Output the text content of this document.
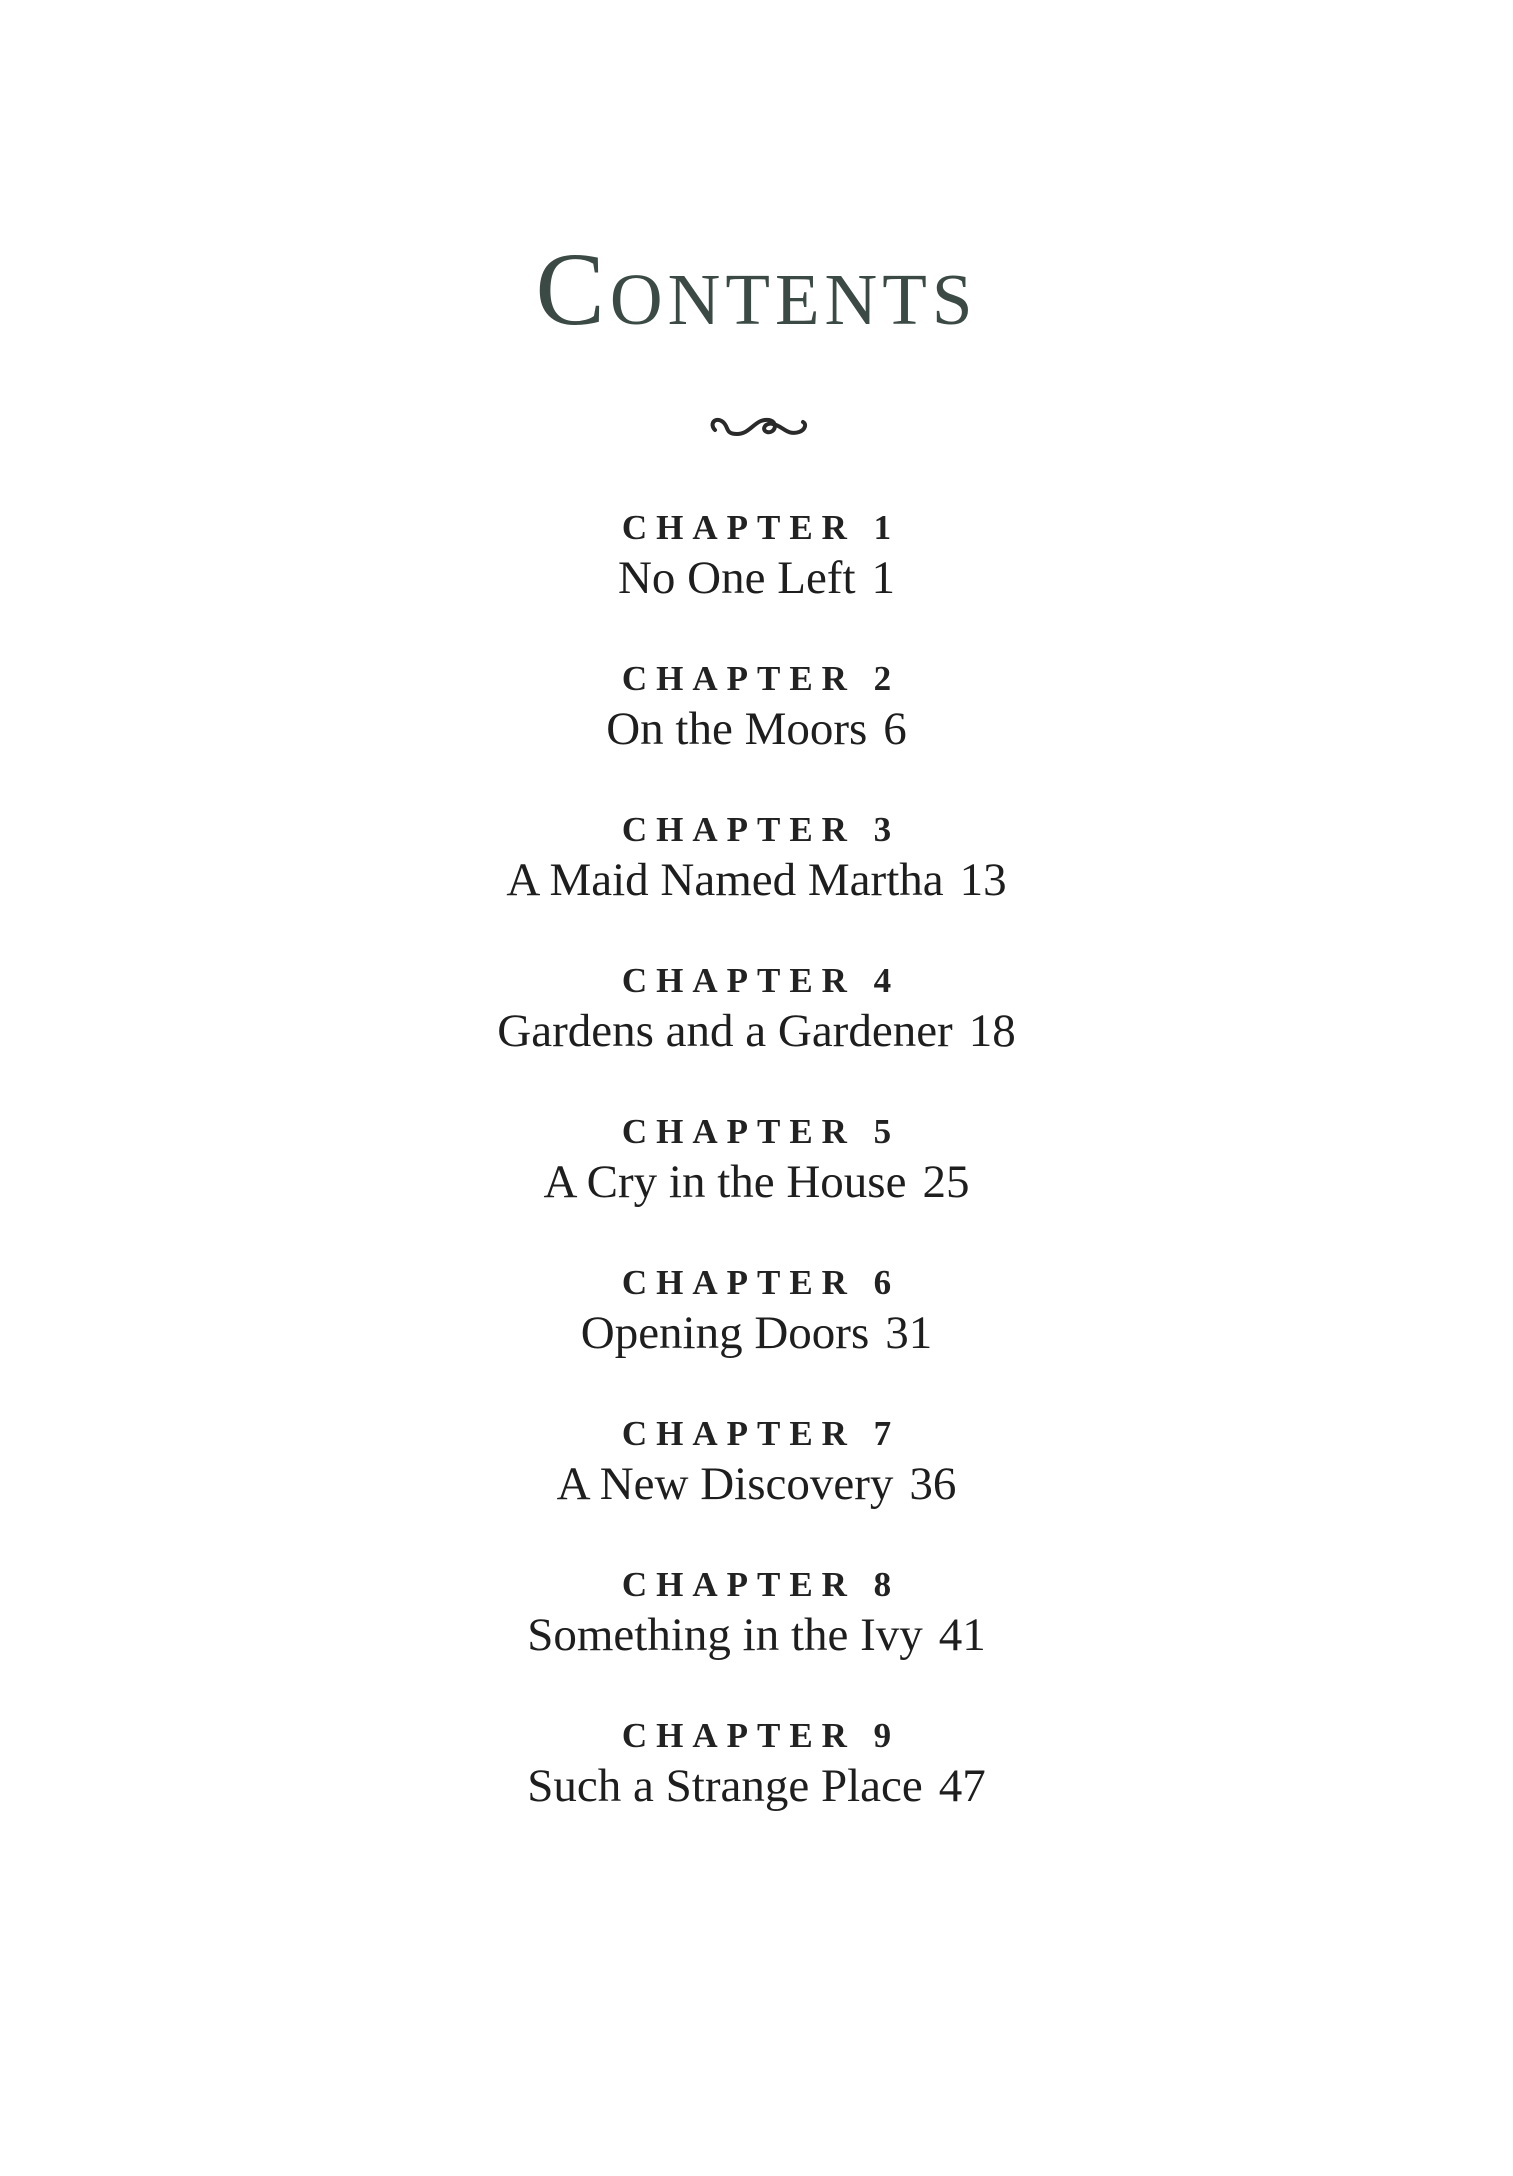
Contents
CHAPTER 1
No One Left 1
CHAPTER 2
On the Moors 6
CHAPTER 3
A Maid Named Martha 13
CHAPTER 4
Gardens and a Gardener 18
CHAPTER 5
A Cry in the House 25
CHAPTER 6
Opening Doors 31
CHAPTER 7
A New Discovery 36
CHAPTER 8
Something in the Ivy 41
CHAPTER 9
Such a Strange Place 47
